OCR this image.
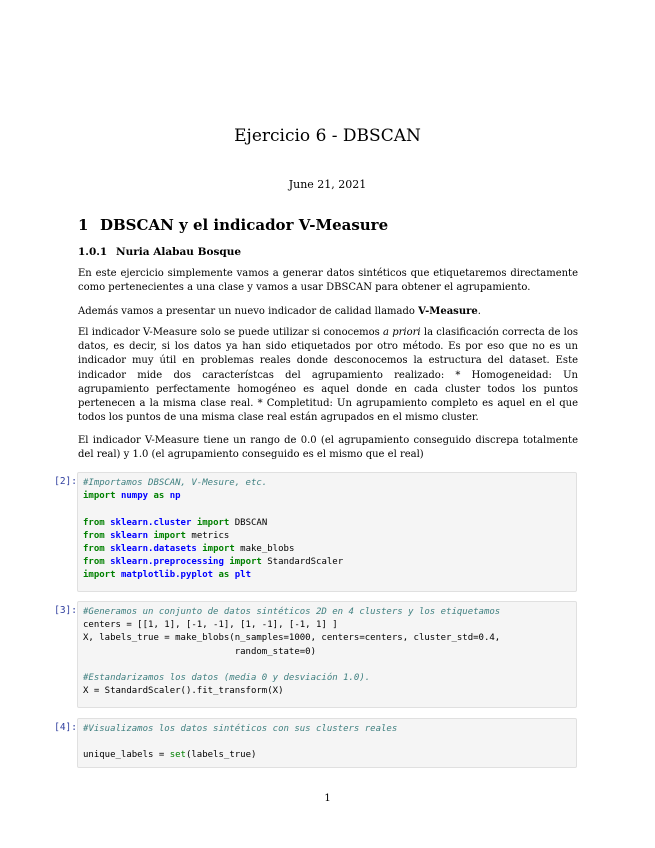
Ejercicio 6 - DBSCAN
June 21, 2021
1 DBSCAN y el indicador V-Measure
1.0.1 Nuria Alabau Bosque

En este ejercicio simplemente vamos a generar datos sintéticos que etiquetaremos directamente como pertenecientes a una clase y vamos a usar DBSCAN para obtener el agrupamiento.

Además vamos a presentar un nuevo indicador de calidad llamado V-Measure.

El indicador V-Measure solo se puede utilizar si conocemos a priori la clasificación correcta de los datos, es decir, si los datos ya han sido etiquetados por otro método. Es por eso que no es un indicador muy útil en problemas reales donde desconocemos la estructura del dataset. Este indicador mide dos característcas del agrupamiento realizado: * Homogeneidad: Un agrupamiento perfectamente homogéneo es aquel donde en cada cluster todos los puntos pertenecen a la misma clase real. * Completitud: Un agrupamiento completo es aquel en el que todos los puntos de una misma clase real están agrupados en el mismo cluster.

El indicador V-Measure tiene un rango de 0.0 (el agrupamiento conseguido discrepa totalmente del real) y 1.0 (el agrupamiento conseguido es el mismo que el real)

[2]: #Importamos DBSCAN, V-Mesure, etc.
import numpy as np
from sklearn.cluster import DBSCAN
from sklearn import metrics
from sklearn.datasets import make_blobs
from sklearn.preprocessing import StandardScaler
import matplotlib.pyplot as plt
[3]: #Generamos un conjunto de datos sintéticos 2D en 4 clusters y los etiquetamos
centers = [[1, 1], [-1, -1], [1, -1], [-1, 1] ]
X, labels_true = make_blobs(n_samples=1000, centers=centers, cluster_std=0.4,
random_state=0)
#Estandarizamos los datos (media 0 y desviación 1.0).
X = StandardScaler().fit_transform(X)
[4]: #Visualizamos los datos sintéticos con sus clusters reales
unique_labels = set(labels_true)
1
